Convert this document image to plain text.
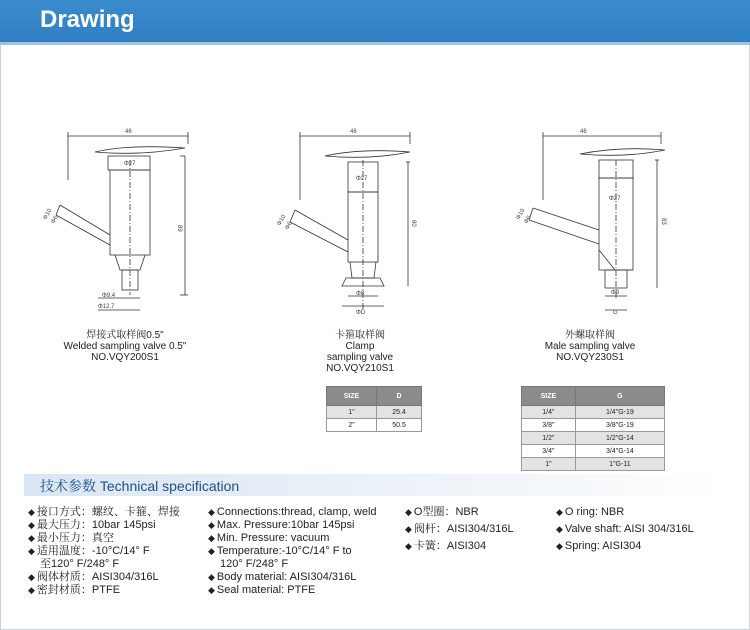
Drawing
46
Φ27
89
Φ10
Φ6
Φ9.4
Φ12.7
焊接式取样阀0.5"
Welded sampling valve 0.5"
NO.VQY200S1
46
Φ27
80
Φ10
Φ6
Φ8
ΦD
卡箍取样阀
Clamp
sampling valve
NO.VQY210S1
SIZE	D
1"	25.4
2"	50.5
46
Φ27
83
Φ10
Φ6
Φ8
G
外螺取样阀
Male sampling valve
NO.VQY230S1
SIZE	G
1/4"	1/4"G-19
3/8"	3/8"G-19
1/2"	1/2"G-14
3/4"	3/4"G-14
1"	1"G-11
技术参数 Technical specification
◆ 接口方式：螺纹、卡箍、焊接
◆ 最大压力：10bar 145psi
◆ 最小压力：真空
◆ 适用温度：-10°C/14° F
至120° F/248° F
◆ 阀体材质：AISI304/316L
◆ 密封材质：PTFE
◆ Connections:thread, clamp, weld
◆ Max. Pressure:10bar 145psi
◆ Min. Pressure: vacuum
◆ Temperature:-10°C/14° F to
120° F/248° F
◆ Body material: AISI304/316L
◆ Seal material: PTFE
◆ O型圈：NBR
◆ 阀杆：AISI304/316L
◆ 卡簧：AISI304
◆ O ring: NBR
◆ Valve shaft: AISI 304/316L
◆ Spring: AISI304
